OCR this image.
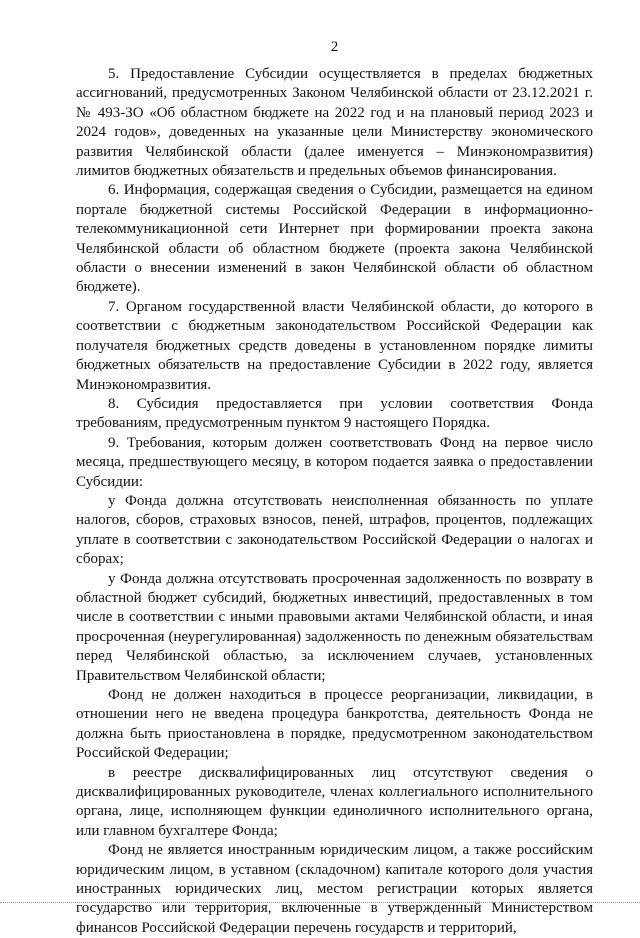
2

5. Предоставление Субсидии осуществляется в пределах бюджетных ассигнований, предусмотренных Законом Челябинской области от 23.12.2021 г. № 493-ЗО «Об областном бюджете на 2022 год и на плановый период 2023 и 2024 годов», доведенных на указанные цели Министерству экономического развития Челябинской области (далее именуется – Минэкономразвития) лимитов бюджетных обязательств и предельных объемов финансирования.

6. Информация, содержащая сведения о Субсидии, размещается на едином портале бюджетной системы Российской Федерации в информационно-телекоммуникационной сети Интернет при формировании проекта закона Челябинской области об областном бюджете (проекта закона Челябинской области о внесении изменений в закон Челябинской области об областном бюджете).

7. Органом государственной власти Челябинской области, до которого в соответствии с бюджетным законодательством Российской Федерации как получателя бюджетных средств доведены в установленном порядке лимиты бюджетных обязательств на предоставление Субсидии в 2022 году, является Минэкономразвития.

8. Субсидия предоставляется при условии соответствия Фонда требованиям, предусмотренным пунктом 9 настоящего Порядка.

9. Требования, которым должен соответствовать Фонд на первое число месяца, предшествующего месяцу, в котором подается заявка о предоставлении Субсидии:

у Фонда должна отсутствовать неисполненная обязанность по уплате налогов, сборов, страховых взносов, пеней, штрафов, процентов, подлежащих уплате в соответствии с законодательством Российской Федерации о налогах и сборах;

у Фонда должна отсутствовать просроченная задолженность по возврату в областной бюджет субсидий, бюджетных инвестиций, предоставленных в том числе в соответствии с иными правовыми актами Челябинской области, и иная просроченная (неурегулированная) задолженность по денежным обязательствам перед Челябинской областью, за исключением случаев, установленных Правительством Челябинской области;

Фонд не должен находиться в процессе реорганизации, ликвидации, в отношении него не введена процедура банкротства, деятельность Фонда не должна быть приостановлена в порядке, предусмотренном законодательством Российской Федерации;

в реестре дисквалифицированных лиц отсутствуют сведения о дисквалифицированных руководителе, членах коллегиального исполнительного органа, лице, исполняющем функции единоличного исполнительного органа, или главном бухгалтере Фонда;

Фонд не является иностранным юридическим лицом, а также российским юридическим лицом, в уставном (складочном) капитале которого доля участия иностранных юридических лиц, местом регистрации которых является государство или территория, включенные в утвержденный Министерством финансов Российской Федерации перечень государств и территорий,
